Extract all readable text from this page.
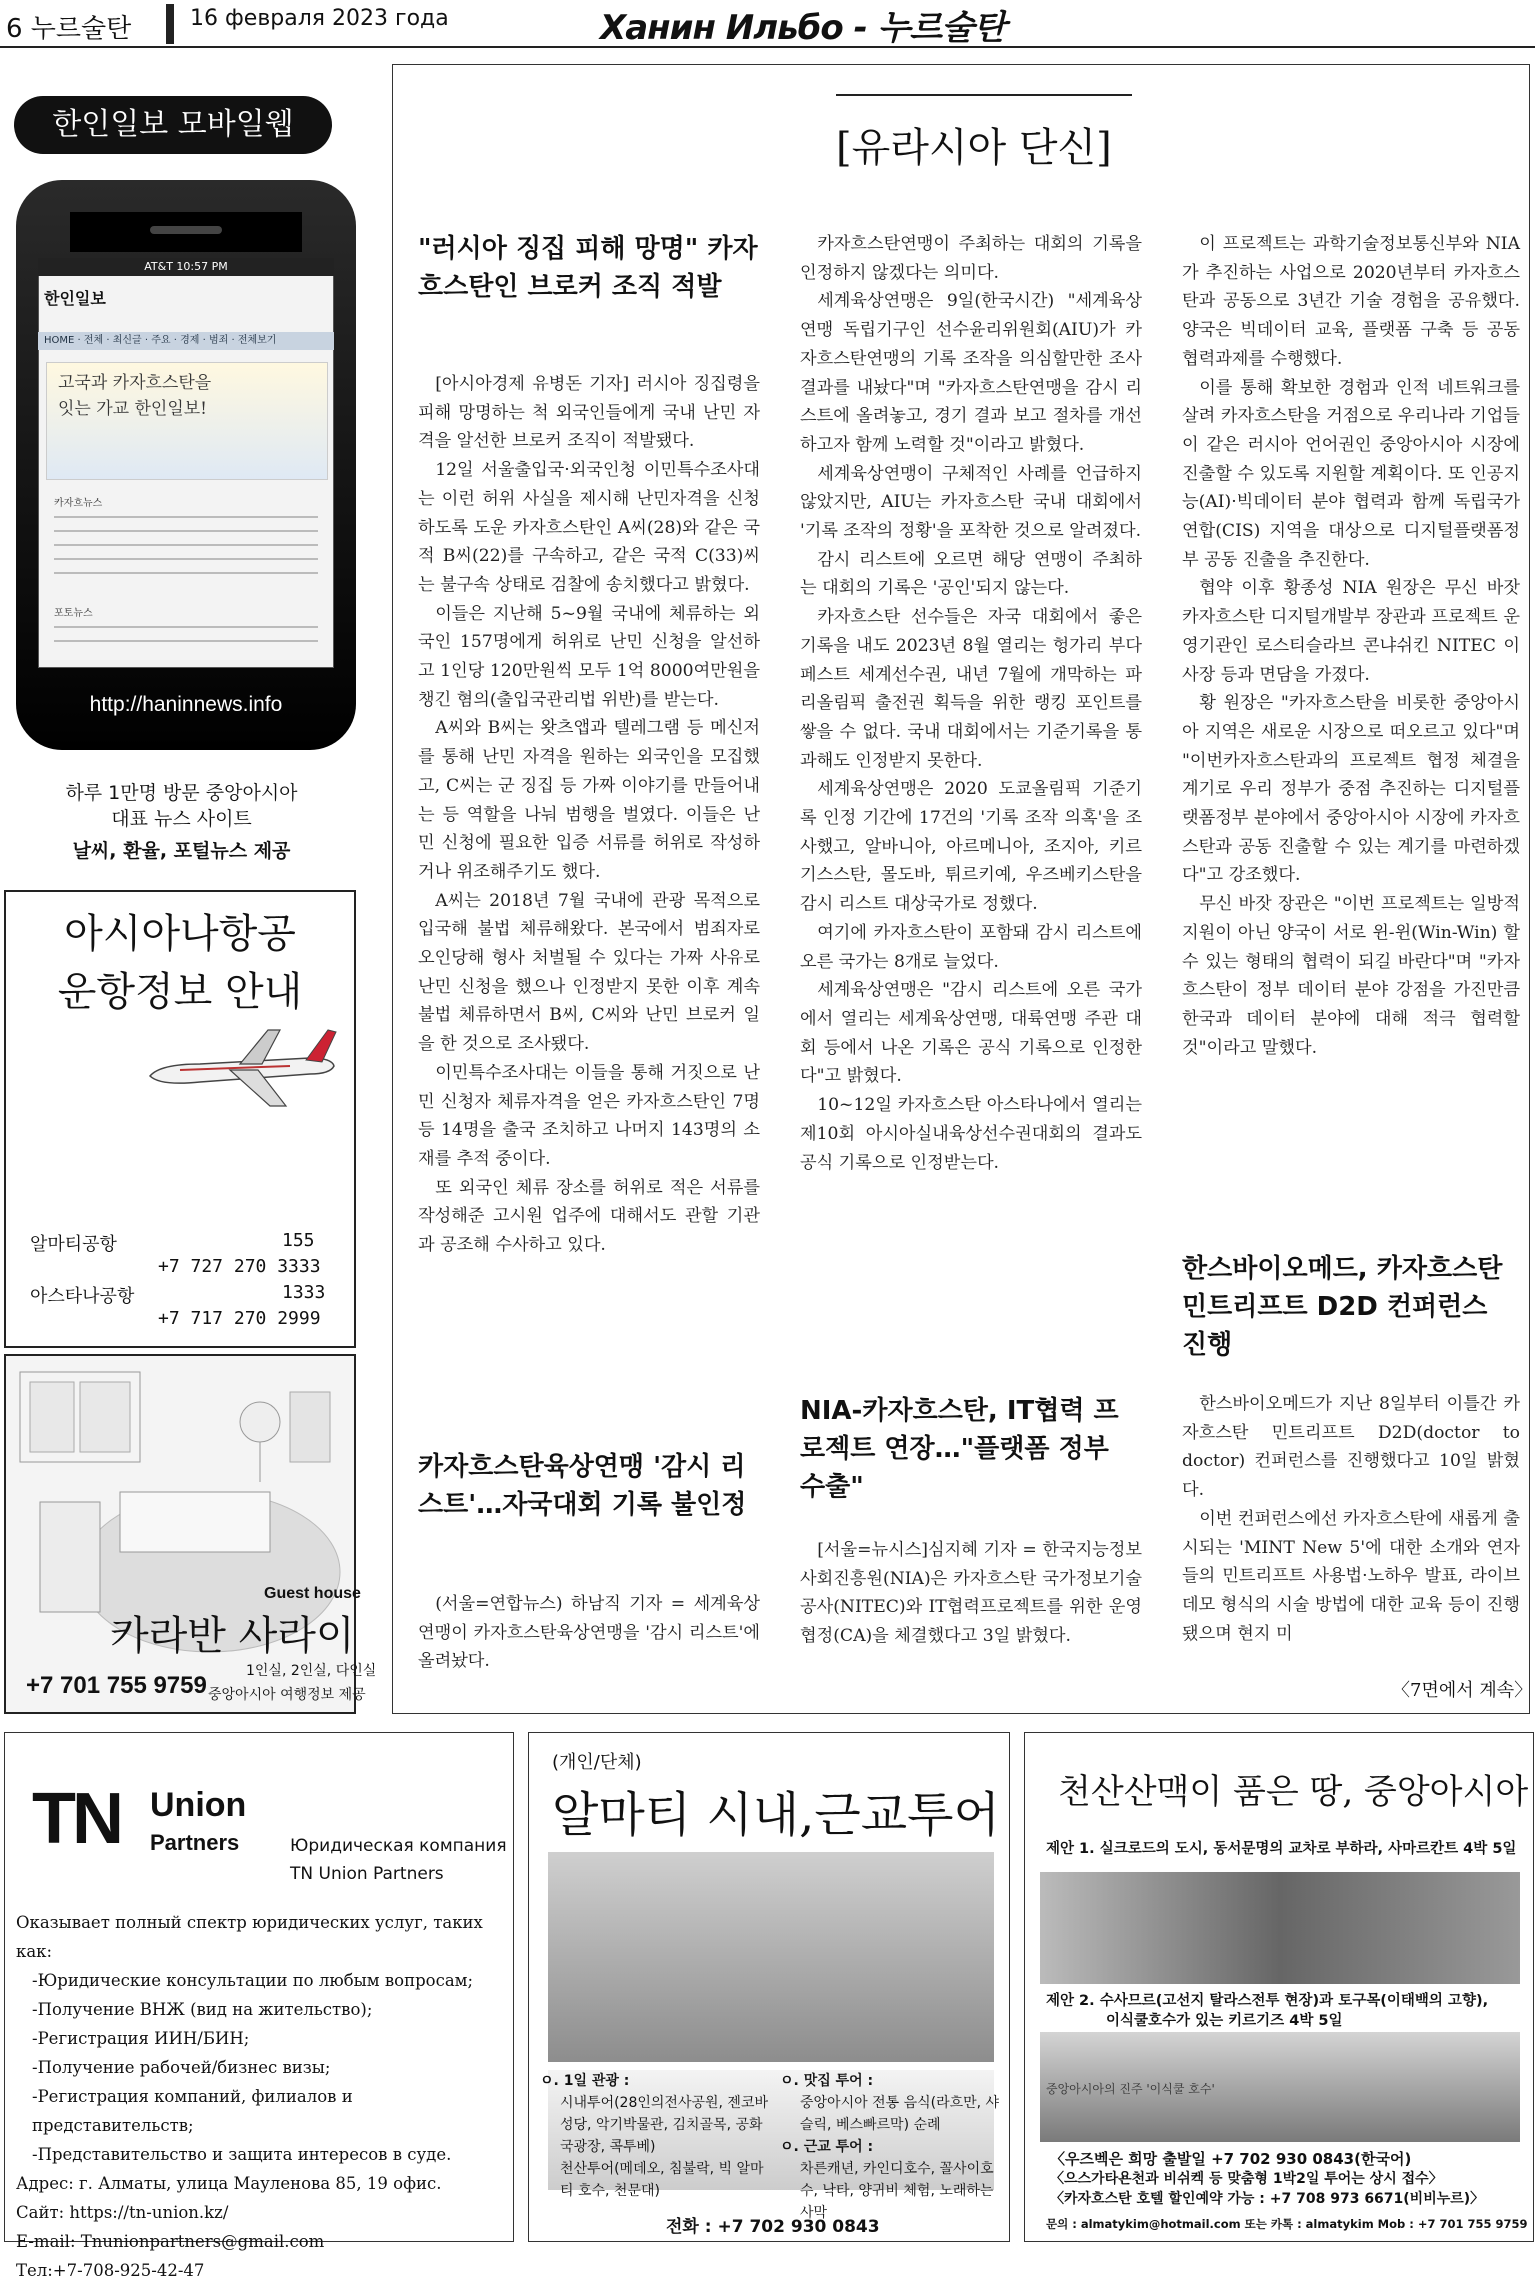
6 누르술탄	16 февраля 2023 года	Ханин Ильбо - 누르술탄
한인일보 모바일웹
AT&T 10:57 PM
한인일보
HOME · 전체 · 최신글 · 주요 · 경제 · 범죄 · 전체보기
고국과 카자흐스탄을 잇는 가교 한인일보!
카자흐뉴스
포토뉴스
http://haninnews.info
하루 1만명 방문 중앙아시아
대표 뉴스 사이트
날씨, 환율, 포털뉴스 제공
아시아나항공
운항정보 안내
알마티공항	155
+7 727 270 3333
아스타나공항	1333
+7 717 270 2999
Guest house
카라반 사라이
1인실, 2인실, 다인실
중앙아시아 여행정보 제공
+7 701 755 9759
[유라시아 단신]
"러시아 징집 피해 망명" 카자흐스탄인 브로커 조직 적발

[아시아경제 유병돈 기자] 러시아 징집령을 피해 망명하는 척 외국인들에게 국내 난민 자격을 알선한 브로커 조직이 적발됐다.

12일 서울출입국·외국인청 이민특수조사대는 이런 허위 사실을 제시해 난민자격을 신청하도록 도운 카자흐스탄인 A씨(28)와 같은 국적 B씨(22)를 구속하고, 같은 국적 C(33)씨는 불구속 상태로 검찰에 송치했다고 밝혔다.

이들은 지난해 5~9월 국내에 체류하는 외국인 157명에게 허위로 난민 신청을 알선하고 1인당 120만원씩 모두 1억 8000여만원을 챙긴 혐의(출입국관리법 위반)를 받는다.

A씨와 B씨는 왓츠앱과 텔레그램 등 메신저를 통해 난민 자격을 원하는 외국인을 모집했고, C씨는 군 징집 등 가짜 이야기를 만들어내는 등 역할을 나눠 범행을 벌였다. 이들은 난민 신청에 필요한 입증 서류를 허위로 작성하거나 위조해주기도 했다.

A씨는 2018년 7월 국내에 관광 목적으로 입국해 불법 체류해왔다. 본국에서 범죄자로 오인당해 형사 처벌될 수 있다는 가짜 사유로 난민 신청을 했으나 인정받지 못한 이후 계속 불법 체류하면서 B씨, C씨와 난민 브로커 일을 한 것으로 조사됐다.

이민특수조사대는 이들을 통해 거짓으로 난민 신청자 체류자격을 얻은 카자흐스탄인 7명 등 14명을 출국 조치하고 나머지 143명의 소재를 추적 중이다.

또 외국인 체류 장소를 허위로 적은 서류를 작성해준 고시원 업주에 대해서도 관할 기관과 공조해 수사하고 있다.

카자흐스탄육상연맹 '감시 리스트'…자국대회 기록 불인정

(서울=연합뉴스) 하남직 기자 = 세계육상연맹이 카자흐스탄육상연맹을 '감시 리스트'에 올려놨다.

카자흐스탄연맹이 주최하는 대회의 기록을 인정하지 않겠다는 의미다.

세계육상연맹은 9일(한국시간) "세계육상연맹 독립기구인 선수윤리위원회(AIU)가 카자흐스탄연맹의 기록 조작을 의심할만한 조사 결과를 내놨다"며 "카자흐스탄연맹을 감시 리스트에 올려놓고, 경기 결과 보고 절차를 개선하고자 함께 노력할 것"이라고 밝혔다.

세계육상연맹이 구체적인 사례를 언급하지 않았지만, AIU는 카자흐스탄 국내 대회에서 '기록 조작의 정황'을 포착한 것으로 알려졌다.

감시 리스트에 오르면 해당 연맹이 주최하는 대회의 기록은 '공인'되지 않는다.

카자흐스탄 선수들은 자국 대회에서 좋은 기록을 내도 2023년 8월 열리는 헝가리 부다페스트 세계선수권, 내년 7월에 개막하는 파리올림픽 출전권 획득을 위한 랭킹 포인트를 쌓을 수 없다. 국내 대회에서는 기준기록을 통과해도 인정받지 못한다.

세계육상연맹은 2020 도쿄올림픽 기준기록 인정 기간에 17건의 '기록 조작 의혹'을 조사했고, 알바니아, 아르메니아, 조지아, 키르기스스탄, 몰도바, 튀르키예, 우즈베키스탄을 감시 리스트 대상국가로 정했다.

여기에 카자흐스탄이 포함돼 감시 리스트에 오른 국가는 8개로 늘었다.

세계육상연맹은 "감시 리스트에 오른 국가에서 열리는 세계육상연맹, 대륙연맹 주관 대회 등에서 나온 기록은 공식 기록으로 인정한다"고 밝혔다.

10~12일 카자흐스탄 아스타나에서 열리는 제10회 아시아실내육상선수권대회의 결과도 공식 기록으로 인정받는다.

NIA-카자흐스탄, IT협력 프로젝트 연장…"플랫폼 정부 수출"

[서울=뉴시스]심지혜 기자 = 한국지능정보사회진흥원(NIA)은 카자흐스탄 국가정보기술공사(NITEC)와 IT협력프로젝트를 위한 운영협정(CA)을 체결했다고 3일 밝혔다.

이 프로젝트는 과학기술정보통신부와 NIA가 추진하는 사업으로 2020년부터 카자흐스탄과 공동으로 3년간 기술 경험을 공유했다. 양국은 빅데이터 교육, 플랫폼 구축 등 공동 협력과제를 수행했다.

이를 통해 확보한 경험과 인적 네트워크를 살려 카자흐스탄을 거점으로 우리나라 기업들이 같은 러시아 언어권인 중앙아시아 시장에 진출할 수 있도록 지원할 계획이다. 또 인공지능(AI)·빅데이터 분야 협력과 함께 독립국가연합(CIS) 지역을 대상으로 디지털플랫폼정부 공동 진출을 추진한다.

협약 이후 황종성 NIA 원장은 무신 바잣 카자흐스탄 디지털개발부 장관과 프로젝트 운영기관인 로스티슬라브 콘냐쉬킨 NITEC 이사장 등과 면담을 가졌다.

황 원장은 "카자흐스탄을 비롯한 중앙아시아 지역은 새로운 시장으로 떠오르고 있다"며 "이번카자흐스탄과의 프로젝트 협정 체결을 계기로 우리 정부가 중점 추진하는 디지털플랫폼정부 분야에서 중앙아시아 시장에 카자흐스탄과 공동 진출할 수 있는 계기를 마련하겠다"고 강조했다.

무신 바잣 장관은 "이번 프로젝트는 일방적 지원이 아닌 양국이 서로 윈-윈(Win-Win) 할 수 있는 형태의 협력이 되길 바란다"며 "카자흐스탄이 정부 데이터 분야 강점을 가진만큼 한국과 데이터 분야에 대해 적극 협력할 것"이라고 말했다.

한스바이오메드, 카자흐스탄 민트리프트 D2D 컨퍼런스 진행

한스바이오메드가 지난 8일부터 이틀간 카자흐스탄 민트리프트 D2D(doctor to doctor) 컨퍼런스를 진행했다고 10일 밝혔다.

이번 컨퍼런스에선 카자흐스탄에 새롭게 출시되는 'MINT New 5'에 대한 소개와 연자들의 민트리프트 사용법·노하우 발표, 라이브 데모 형식의 시술 방법에 대한 교육 등이 진행됐으며 현지 미

〈7면에서 계속〉
TN Union
Partners	Юридическая компания
TN Union Partners
Оказывает полный спектр юридических услуг, таких как:
-Юридические консультации по любым вопросам;
-Получение ВНЖ (вид на жительство);
-Регистрация ИИН/БИН;
-Получение рабочей/бизнес визы;
-Регистрация компаний, филиалов и представительств;
-Представительство и защита интересов в суде.
Адрес: г. Алматы, улица Мауленова 85, 19 офис.
Сайт: https://tn-union.kz/
E-mail: Tnunionpartners@gmail.com
Тел:+7-708-925-42-47
(개인/단체)
알마티 시내,근교투어
ㅇ. 1일 관광 :
시내투어(28인의전사공원, 젠코바 성당, 악기박물관, 김치골목, 공화국광장, 콕투베)
천산투어(메데오, 침불락, 빅 알마티 호수, 천문대)
ㅇ. 맛집 투어 :
중앙아시아 전통 음식(라흐만, 샤슬릭, 베스빠르막) 순례
ㅇ. 근교 투어 :
차른캐년, 카인디호수, 꼴사이호수, 낙타, 양귀비 체험, 노래하는 사막
전화 : +7 702 930 0843
천산산맥이 품은 땅, 중앙아시아
제안 1. 실크로드의 도시, 동서문명의 교차로 부하라, 사마르칸트 4박 5일
제안 2. 수사므르(고선지 탈라스전투 현장)과 토구목(이태백의 고향),
이식쿨호수가 있는 키르기즈 4박 5일
중앙아시아의 진주 '이식쿨 호수'
〈우즈벡은 희망 출발일 +7 702 930 0843(한국어)
〈으스가타욘천과 비쉬켁 등 맞춤형 1박2일 투어는 상시 접수〉
〈카자흐스탄 호텔 할인예약 가능 : +7 708 973 6671(비비누르)〉
문의 : almatykim@hotmail.com 또는 카톡 : almatykim Mob : +7 701 755 9759
